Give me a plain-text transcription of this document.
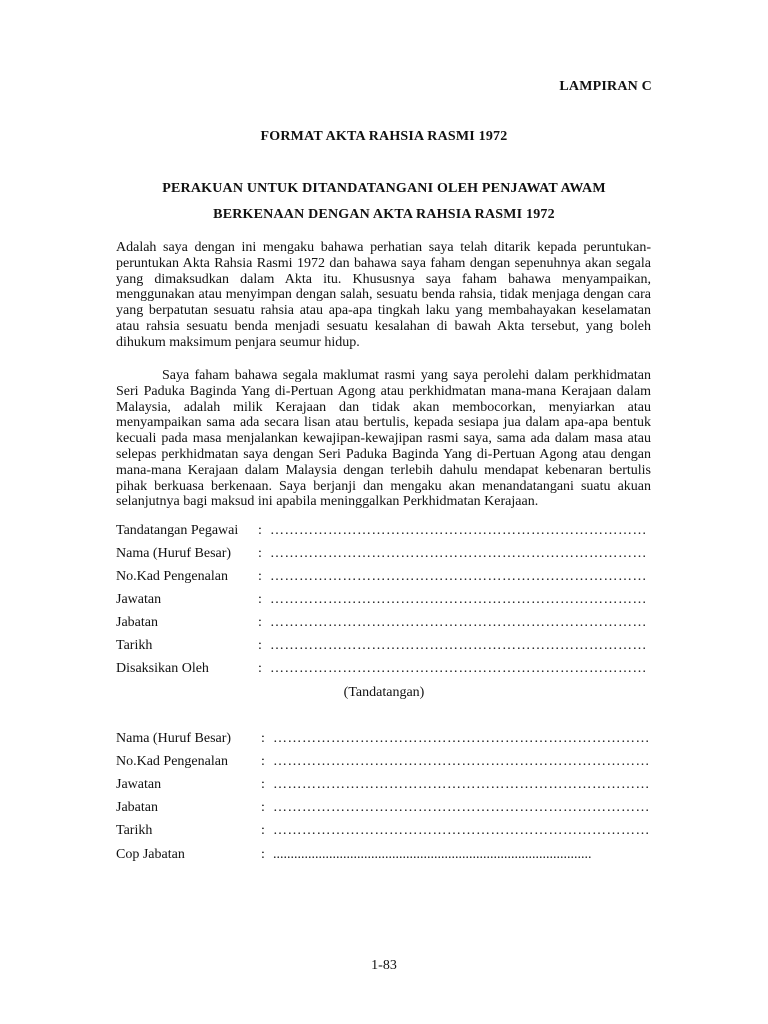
LAMPIRAN C
FORMAT AKTA RAHSIA RASMI 1972
PERAKUAN UNTUK DITANDATANGANI OLEH PENJAWAT AWAM
BERKENAAN DENGAN AKTA RAHSIA RASMI 1972

Adalah saya dengan ini mengaku bahawa perhatian saya telah ditarik kepada peruntukan-peruntukan Akta Rahsia Rasmi 1972 dan bahawa saya faham dengan sepenuhnya akan segala yang dimaksudkan dalam Akta itu. Khususnya saya faham bahawa menyampaikan, menggunakan atau menyimpan dengan salah, sesuatu benda rahsia, tidak menjaga dengan cara yang berpatutan sesuatu rahsia atau apa-apa tingkah laku yang membahayakan keselamatan atau rahsia sesuatu benda menjadi sesuatu kesalahan di bawah Akta tersebut, yang boleh dihukum maksimum penjara seumur hidup.

Saya faham bahawa segala maklumat rasmi yang saya perolehi dalam perkhidmatan Seri Paduka Baginda Yang di-Pertuan Agong atau perkhidmatan mana-mana Kerajaan dalam Malaysia, adalah milik Kerajaan dan tidak akan membocorkan, menyiarkan atau menyampaikan sama ada secara lisan atau bertulis, kepada sesiapa jua dalam apa-apa bentuk kecuali pada masa menjalankan kewajipan-kewajipan rasmi saya, sama ada dalam masa atau selepas perkhidmatan saya dengan Seri Paduka Baginda Yang di-Pertuan Agong atau dengan mana-mana Kerajaan dalam Malaysia dengan terlebih dahulu mendapat kebenaran bertulis pihak berkuasa berkenaan. Saya berjanji dan mengaku akan menandatangani suatu akuan selanjutnya bagi maksud ini apabila meninggalkan Perkhidmatan Kerajaan.

Tandatangan Pegawai : ……………………………………………………………………
Nama (Huruf Besar) : ……………………………………………………………………
No.Kad Pengenalan : ……………………………………………………………………
Jawatan	: ……………………………………………………………………
Jabatan	: ……………………………………………………………………
Tarikh	: ……………………………………………………………………
Disaksikan Oleh	: ……………………………………………………………………
(Tandatangan)
Nama (Huruf Besar) : ……………………………………………………………………
No.Kad Pengenalan : ……………………………………………………………………
Jawatan	: ……………………………………………………………………
Jabatan	: ……………………………………………………………………
Tarikh	: ……………………………………………………………………
Cop Jabatan	: ...........................................................................................
1-83
